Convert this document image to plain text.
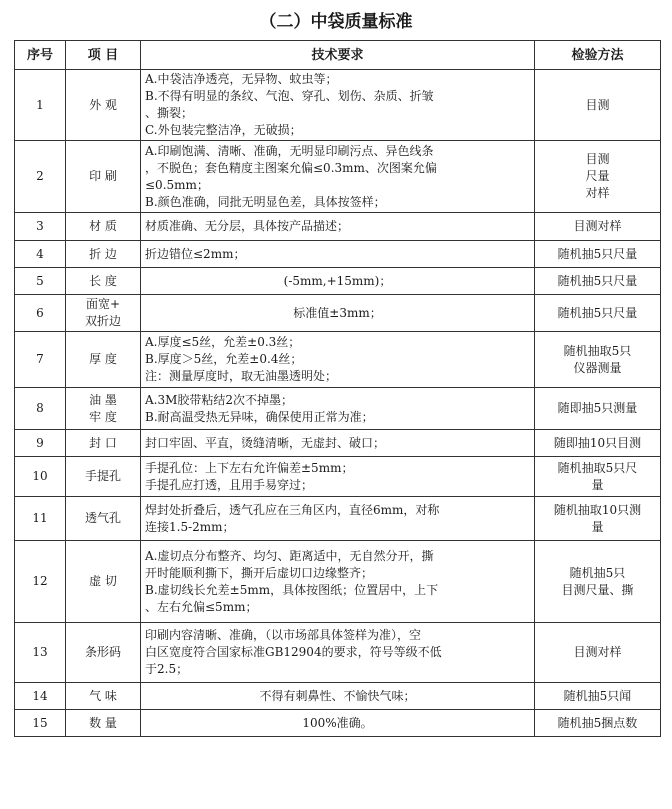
（二）中袋质量标准
序号	项 目	技术要求	检验方法
1	外 观	A.中袋洁净透亮，无异物、蚊虫等；
B.不得有明显的条纹、气泡、穿孔、划伤、杂质、折皱
、撕裂；
C.外包装完整洁净，无破损；	目测

2	印 刷	A.印刷饱满、清晰、准确，无明显印刷污点、异色线条
，不脱色；套色精度主图案允偏≤0.3mm、次图案允偏
≤0.5mm；
B.颜色准确，同批无明显色差，具体按签样；	目测
尺量
对样

3	材 质	材质准确、无分层，具体按产品描述；	目测对样

4	折 边	折边错位≤2mm；	随机抽5只尺量

5	长 度	(-5mm,+15mm)；	随机抽5只尺量

6	面宽+
双折边	标准值±3mm；	随机抽5只尺量

7	厚 度	A.厚度≤5丝，允差±0.3丝；
B.厚度＞5丝，允差±0.4丝；
注：测量厚度时，取无油墨透明处；	随机抽取5只
仪器测量

8	油 墨
牢 度	A.3M胶带粘结2次不掉墨；
B.耐高温受热无异味，确保使用正常为准；	随即抽5只测量

9	封 口	封口牢固、平直，烫缝清晰，无虚封、破口；	随即抽10只目测

10	手提孔	手提孔位：上下左右允许偏差±5mm；
手提孔应打透，且用手易穿过；	随机抽取5只尺
量

11	透气孔	焊封处折叠后，透气孔应在三角区内，直径6mm，对称
连接1.5-2mm；	随机抽取10只测
量

12	虚 切	A.虚切点分布整齐、均匀、距离适中，无自然分开，撕
开时能顺利撕下，撕开后虚切口边缘整齐；
B.虚切线长允差±5mm，具体按图纸；位置居中，上下
、左右允偏≤5mm；	随机抽5只
目测尺量、撕

13	条形码	印刷内容清晰、准确，（以市场部具体签样为准），空
白区宽度符合国家标准GB12904的要求，符号等级不低
于2.5；	目测对样

14	气 味	不得有刺鼻性、不愉快气味；	随机抽5只闻

15	数 量	100%准确。	随机抽5捆点数
